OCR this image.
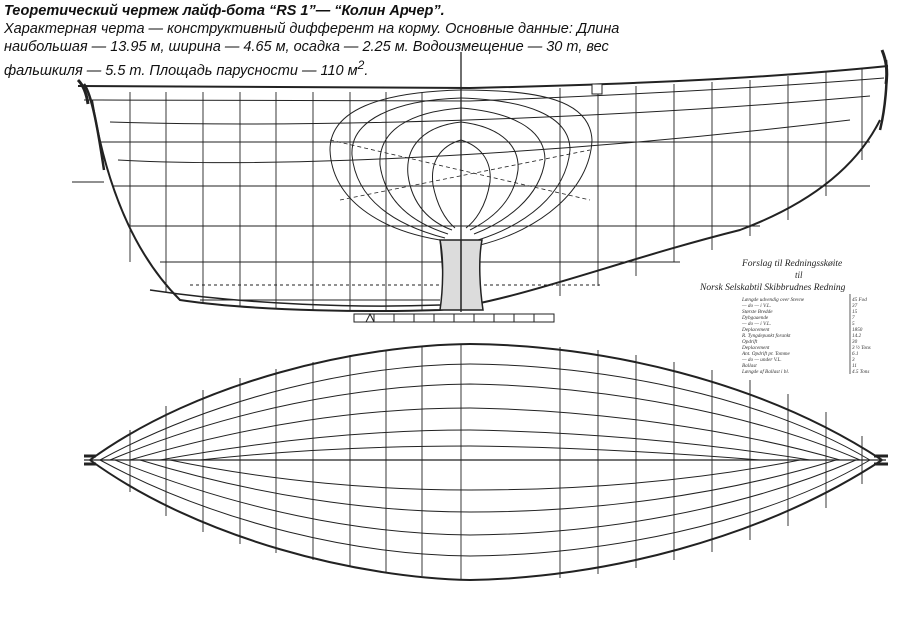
Теоретический чертеж лайф-бота “RS 1”— “Колин Арчер”.
Характерная черта — конструктивный дифферент на корму. Основные данные: Длина наибольшая — 13.95 м, ширина — 4.65 м, осадка — 2.25 м. Водоизмещение — 30 т, вес фальшкиля — 5.5 т. Площадь парусности — 110 $м^2$.
Forslag til Redningsskøite
til
Norsk Selskabtil Skibbrudnes Redning
Længde udvendig over Stevne	45 Fod
— do — i V.L.	37
Største Bredde	15
Dybgaaende	7
— do — i V.L.	5
Deplacement	1850
R. Tyngdepunkt forankt	14.2
Opdrift	30
Deplacement	3 ½ Tons
Ant. Opdrift pr. Tomme	6.1
— do — under V.L.	3
Ballast	11
Længde af Ballast i bl.	4.5 Tons
